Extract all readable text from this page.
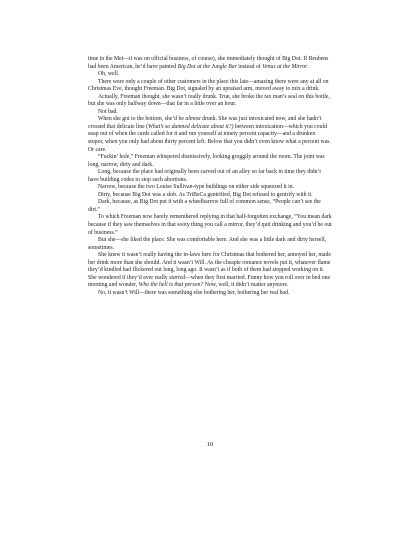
time in the Met—it was on official business, of course), she immediately thought of Big Dot. If Reubens had been American, he’d have painted Big Dot at the Jungle Bar instead of Venus at the Mirror.

Oh, well.

There were only a couple of other customers in the place this late—amazing there were any at all on Christmas Eve, thought Freeman. Big Dot, signaled by an upraised arm, moved away to mix a drink.

Actually, Freeman thought, she wasn’t really drunk. True, she broke the tax man’s seal on this bottle, but she was only halfway down—that far in a little over an hour.

Not bad.

When she got to the bottom, she’d be almost drunk. She was just intoxicated now, and she hadn’t crossed that delicate line (What’s so damned delicate about it?) between intoxication—which you could snap out of when the cards called for it and run yourself at ninety percent capacity—and a drunken stupor, when you only had about thirty percent left. Below that you didn’t even know what a percent was. Or care.

“Fuckin’ hole,” Freeman whispered dismissively, looking groggily around the room. The joint was long, narrow, dirty and dark.

Long, because the place had originally been carved out of an alley so far back in time they didn’t have building codes to stop such abortions.

Narrow, because the two Louise Sullivan-type buildings on either side squeezed it in.

Dirty, because Big Dot was a slob. As TriBeCa gentrified, Big Dot refused to gentrify with it.

Dark, because, as Big Dot put it with a wheelbarrow full of common sense, “People can’t see the dirt.”

To which Freeman now barely remembered replying in that half-forgotten exchange, “You mean dark because if they saw themselves in that sooty thing you call a mirror, they’d quit drinking and you’d be out of business.”

But she—she liked the place. She was comfortable here. And she was a little dark and dirty herself, sometimes.

She knew it wasn’t really having the in-laws here for Christmas that bothered her, annoyed her, made her drink more than she should. And it wasn’t Will. As the cheapie romance novels put it, whatever flame they’d kindled had flickered out long, long ago. It wasn’t as if both of them had stopped working on it. She wondered if they’d ever really started—when they first married. Funny how you roll over in bed one morning and wonder, Who the hell is that person? Now, well, it didn’t matter anymore.

No, it wasn’t Will—there was something else bothering her, bothering her real bad.

10
